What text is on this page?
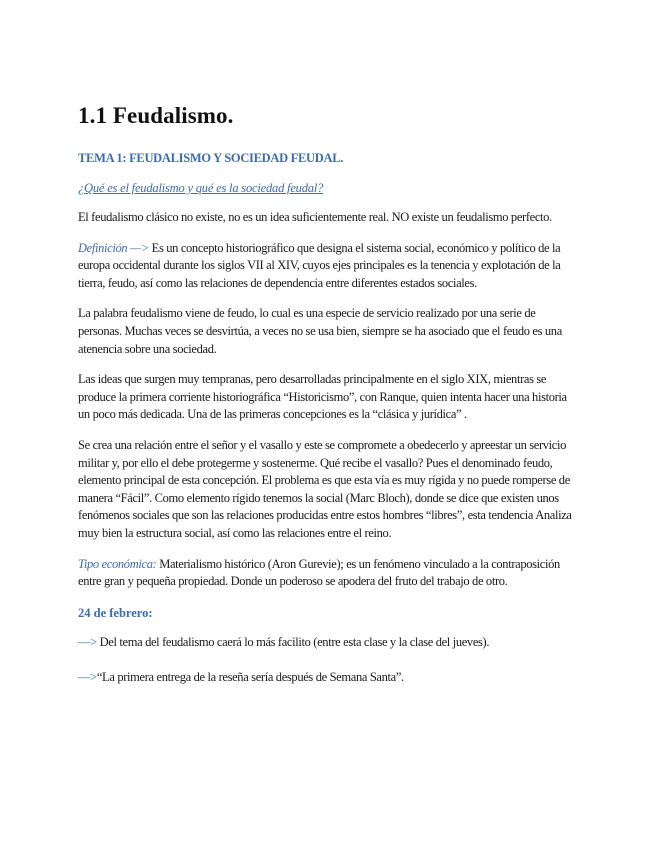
1.1 Feudalismo.
TEMA 1: FEUDALISMO Y SOCIEDAD FEUDAL.
¿Qué es el feudalismo y qué es la sociedad feudal?

El feudalismo clásico no existe, no es un idea suficientemente real. NO existe un feudalismo perfecto.

Definición —> Es un concepto historiográfico que designa el sistema social, económico y político de la europa occidental durante los siglos VII al XIV, cuyos ejes principales es la tenencia y explotación de la tierra, feudo, así como las relaciones de dependencia entre diferentes estados sociales.

La palabra feudalismo viene de feudo, lo cual es una especie de servicio realizado por una serie de personas. Muchas veces se desvirtúa, a veces no se usa bien, siempre se ha asociado que el feudo es una atenencia sobre una sociedad.

Las ideas que surgen muy tempranas, pero desarrolladas principalmente en el siglo XIX, mientras se produce la primera corriente historiográfica “Historicismo”, con Ranque, quien intenta hacer una historia un poco más dedicada. Una de las primeras concepciones es la “clásica y jurídica” .

Se crea una relación entre el señor y el vasallo y este se compromete a obedecerlo y apreestar un servicio militar y, por ello el debe protegerme y sostenerme. Qué recibe el vasallo? Pues el denominado feudo, elemento principal de esta concepción. El problema es que esta vía es muy rígida y no puede romperse de manera “Fácil”. Como elemento rígido tenemos la social (Marc Bloch), donde se dice que existen unos fenómenos sociales que son las relaciones producidas entre estos hombres “libres”, esta tendencia Analiza muy bien la estructura social, así como las relaciones entre el reino.

Tipo económica: Materialismo histórico (Aron Gurevie); es un fenómeno vinculado a la contraposición entre gran y pequeña propiedad. Donde un poderoso se apodera del fruto del trabajo de otro.

24 de febrero:

—> Del tema del feudalismo caerá lo más facilito (entre esta clase y la clase del jueves).

—>“La primera entrega de la reseña sería después de Semana Santa”.
